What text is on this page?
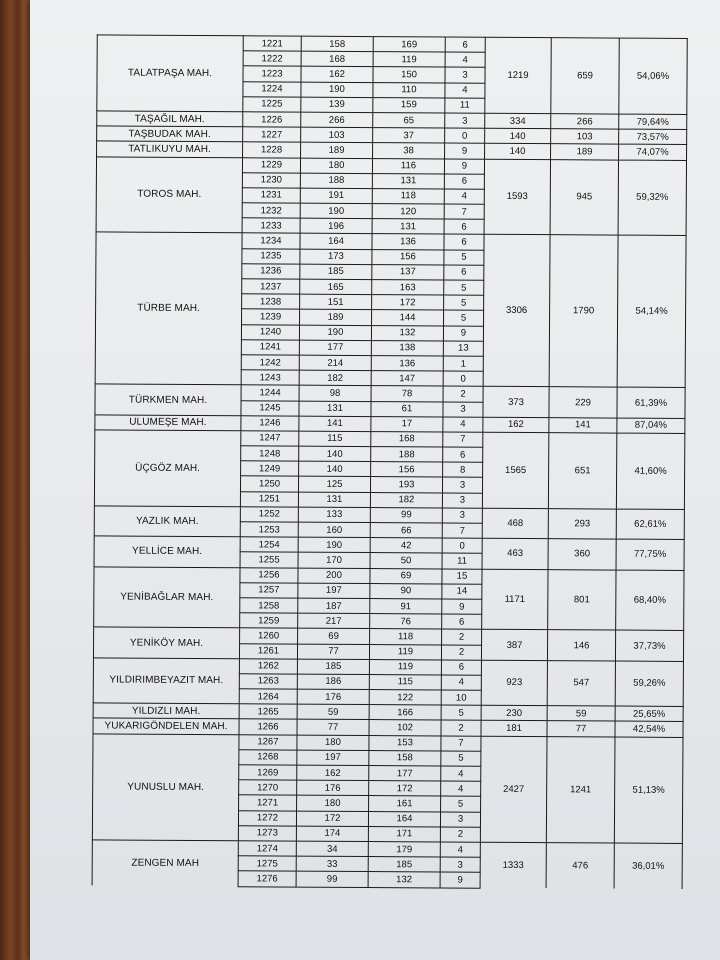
TALATPAŞA MAH.	1221	158	169	6	1219	659	54,06%
	1222	168	119	4			
	1223	162	150	3			
	1224	190	110	4			
	1225	139	159	11			
TAŞAĞIL MAH.	1226	266	65	3	334	266	79,64%
TAŞBUDAK MAH.	1227	103	37	0	140	103	73,57%
TATLIKUYU MAH.	1228	189	38	9	140	189	74,07%
TOROS MAH.	1229	180	116	9	1593	945	59,32%
	1230	188	131	6			
	1231	191	118	4			
	1232	190	120	7			
	1233	196	131	6			
TÜRBE MAH.	1234	164	136	6	3306	1790	54,14%
	1235	173	156	5			
	1236	185	137	6			
	1237	165	163	5			
	1238	151	172	5			
	1239	189	144	5			
	1240	190	132	9			
	1241	177	138	13			
	1242	214	136	1			
	1243	182	147	0			
TÜRKMEN MAH.	1244	98	78	2	373	229	61,39%
	1245	131	61	3			
ULUMEŞE MAH.	1246	141	17	4	162	141	87,04%
ÜÇGÖZ MAH.	1247	115	168	7	1565	651	41,60%
	1248	140	188	6			
	1249	140	156	8			
	1250	125	193	3			
	1251	131	182	3			
YAZLIK MAH.	1252	133	99	3	468	293	62,61%
	1253	160	66	7			
YELLİCE MAH.	1254	190	42	0	463	360	77,75%
	1255	170	50	11			
YENİBAĞLAR MAH.	1256	200	69	15	1171	801	68,40%
	1257	197	90	14			
	1258	187	91	9			
	1259	217	76	6			
YENİKÖY MAH.	1260	69	118	2	387	146	37,73%
	1261	77	119	2			
YILDIRIMBEYAZIT MAH.	1262	185	119	6	923	547	59,26%
	1263	186	115	4			
	1264	176	122	10			
YILDIZLI MAH.	1265	59	166	5	230	59	25,65%
YUKARIGÖNDELEN MAH.	1266	77	102	2	181	77	42,54%
YUNUSLU MAH.	1267	180	153	7	2427	1241	51,13%
	1268	197	158	5			
	1269	162	177	4			
	1270	176	172	4			
	1271	180	161	5			
	1272	172	164	3			
	1273	174	171	2			
ZENGEN MAH	1274	34	179	4	1333	476	36,01%
	1275	33	185	3			
	1276	99	132	9			
